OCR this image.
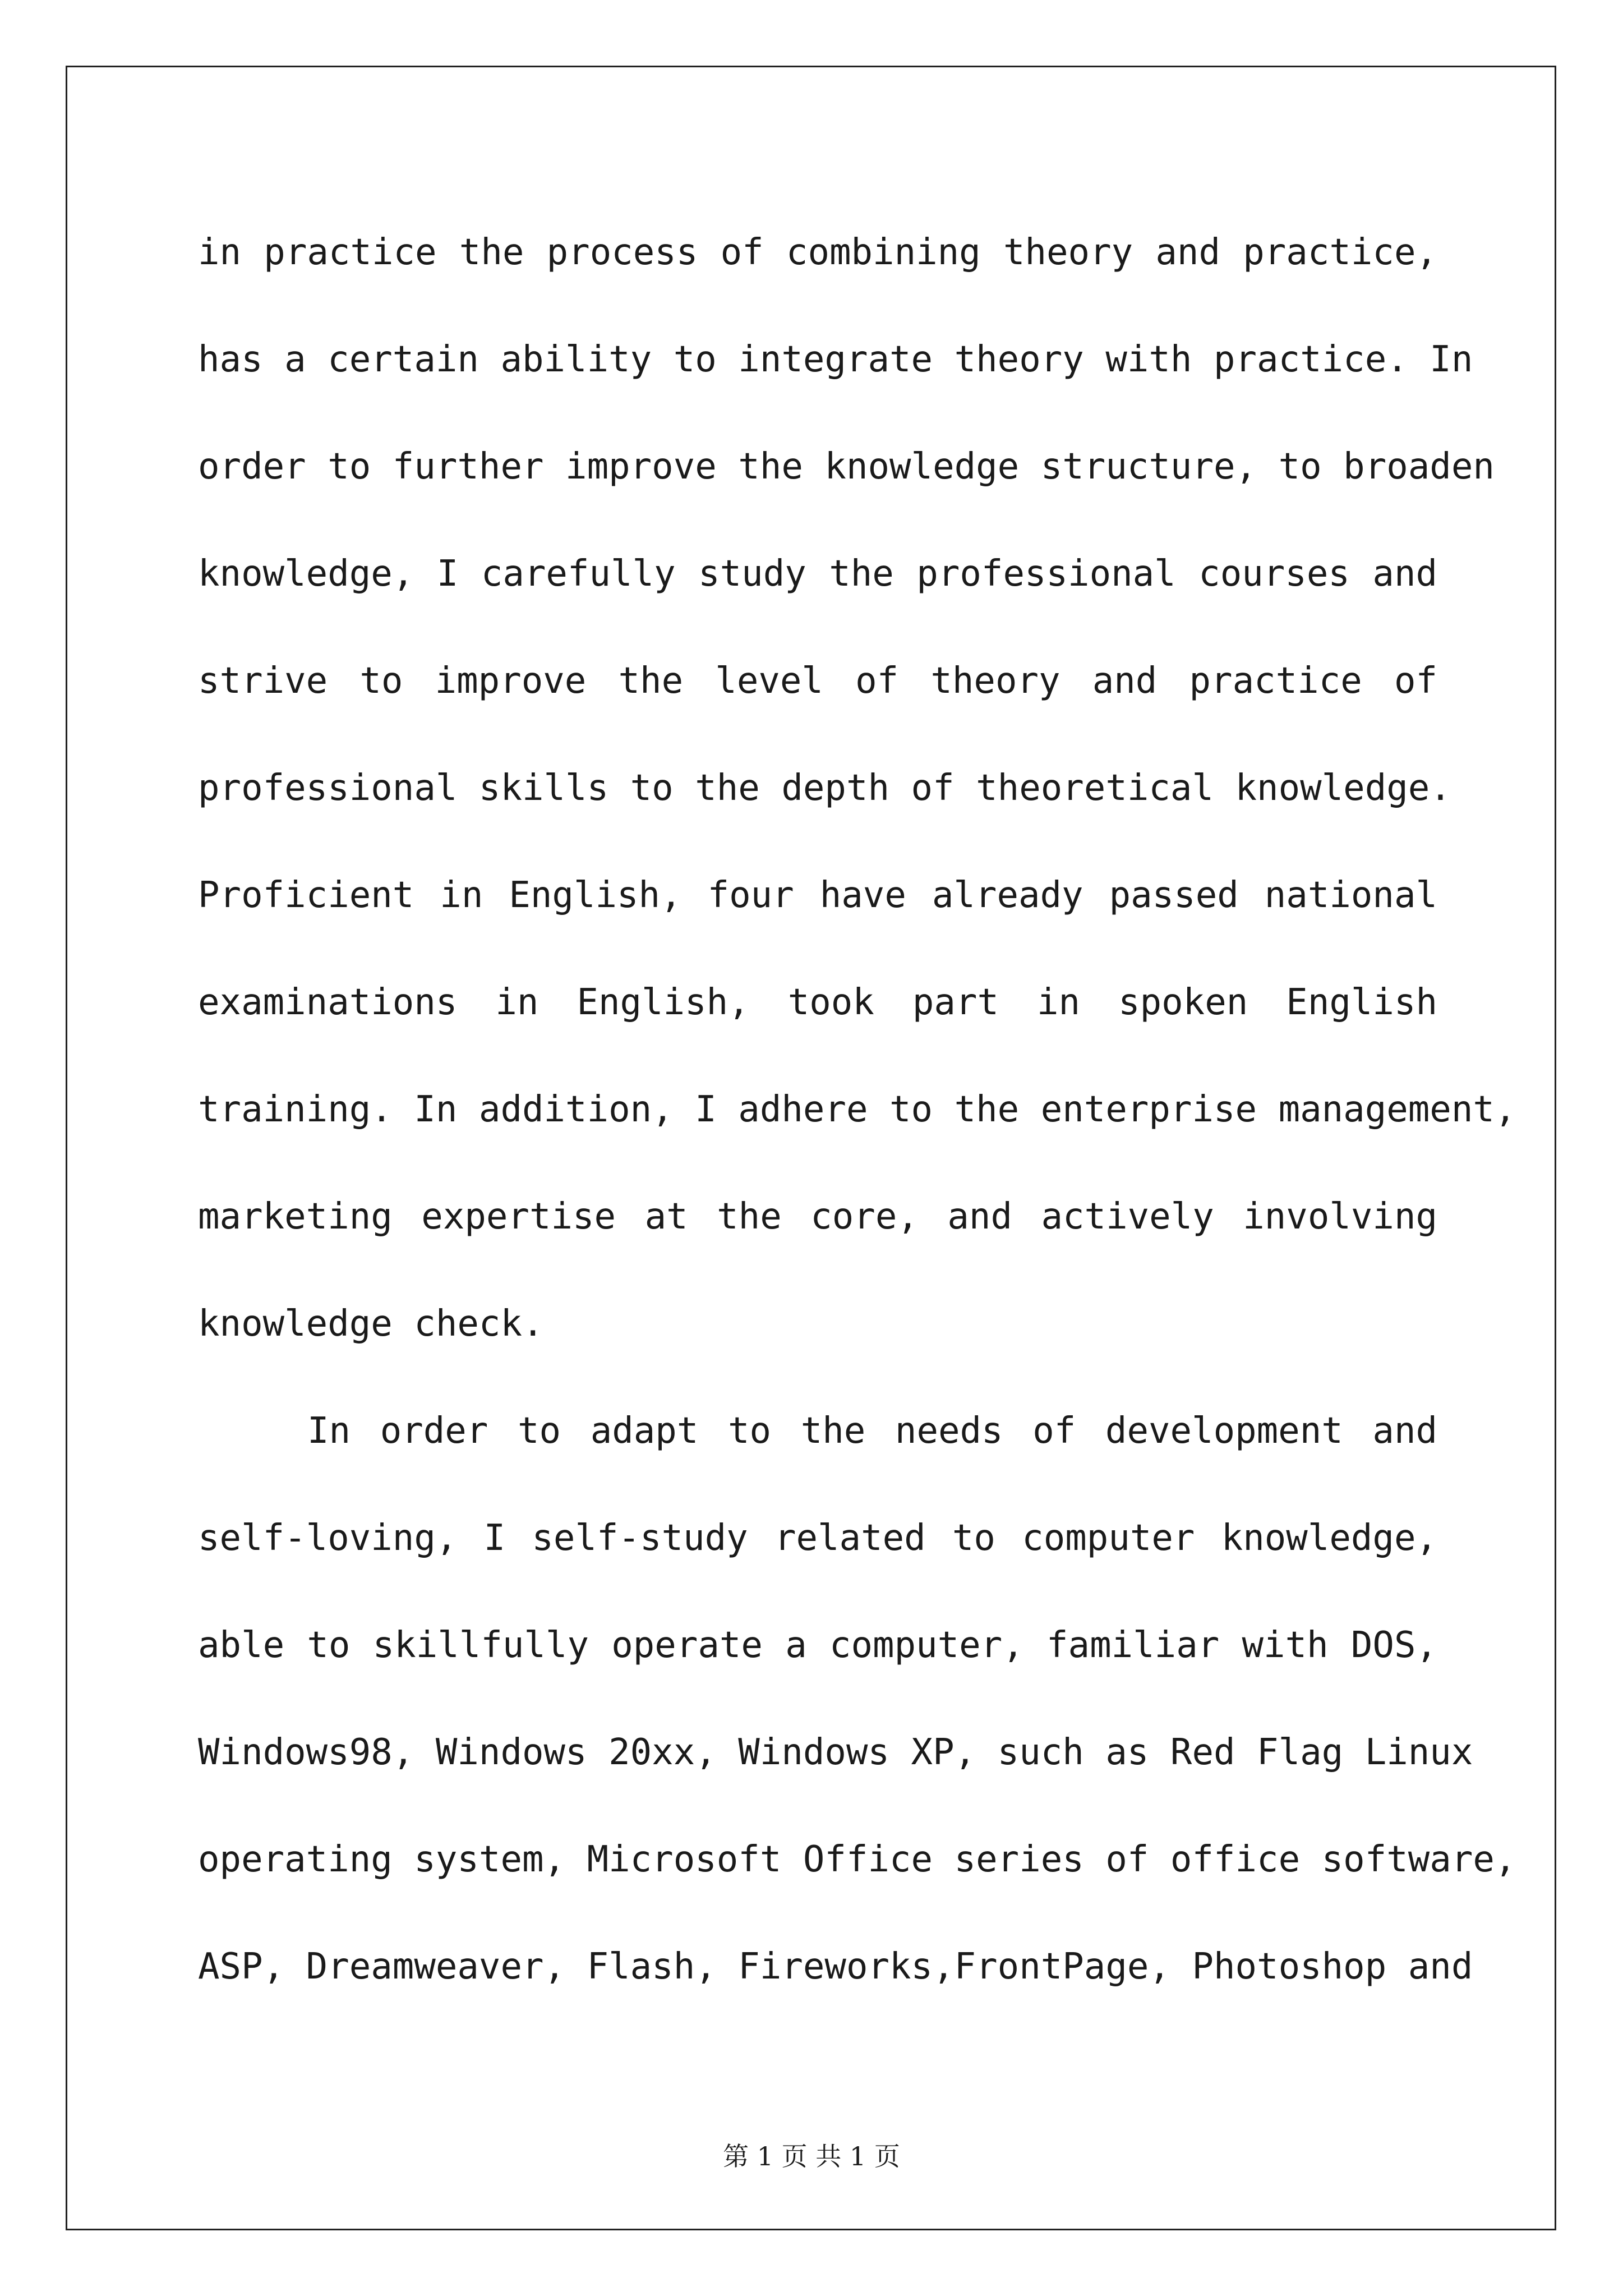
in practice the process of combining theory and practice,
has a certain ability to integrate theory with practice. In
order to further improve the knowledge structure, to broaden
knowledge, I carefully study the professional courses and
strive to improve the level of theory and practice of
professional skills to the depth of theoretical knowledge.
Proficient in English, four have already passed national
examinations in English, took part in spoken English
training. In addition, I adhere to the enterprise management,
marketing expertise at the core, and actively involving
knowledge check.
In order to adapt to the needs of development and
self-loving, I self-study related to computer knowledge,
able to skillfully operate a computer, familiar with DOS,
Windows98, Windows 20xx, Windows XP, such as Red Flag Linux
operating system, Microsoft Office series of office software,
ASP, Dreamweaver, Flash, Fireworks,FrontPage, Photoshop and
第 1 页 共 1 页
